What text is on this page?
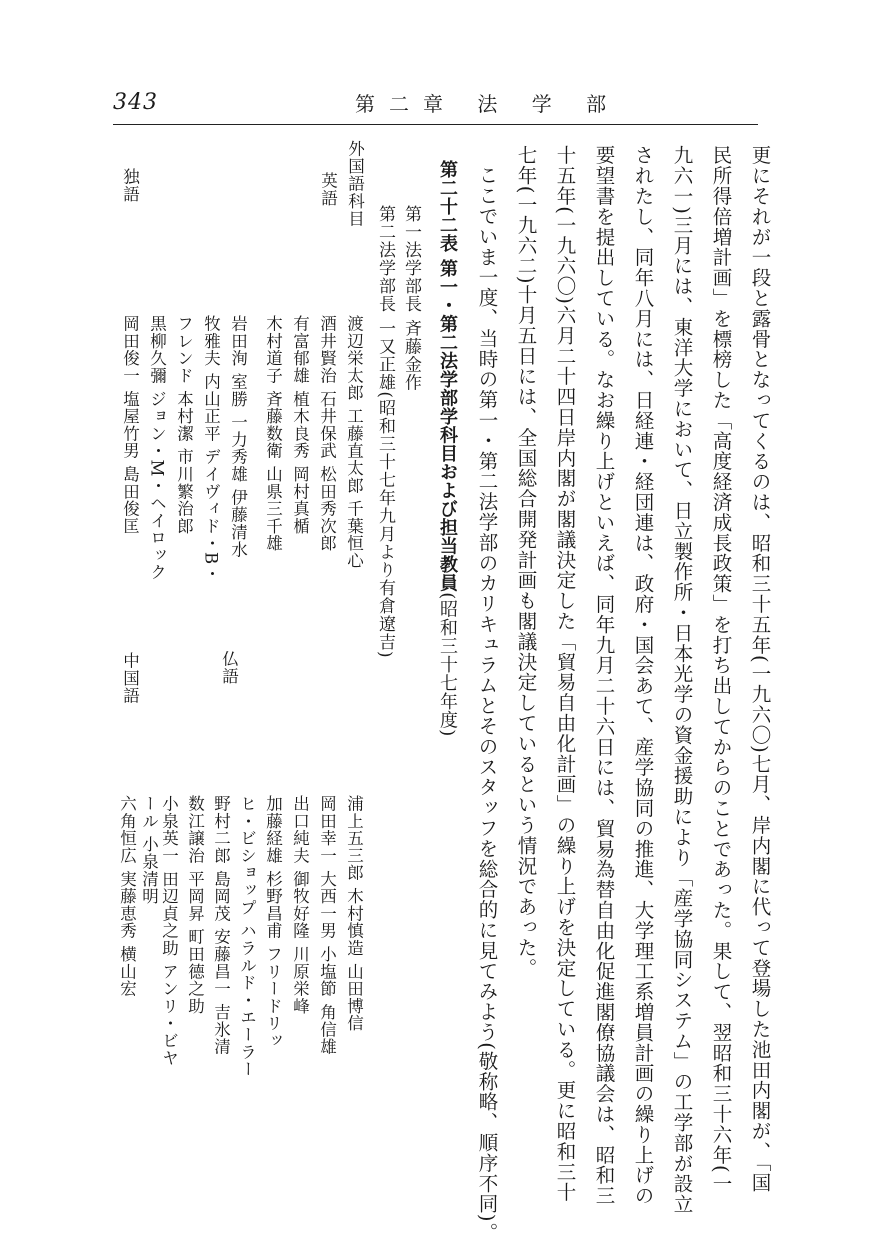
343	第二章 法 学 部
更にそれが一段と露骨となってくるのは、昭和三十五年(一九六〇)七月、岸内閣に代って登場した池田内閣が、「国
民所得倍増計画」を標榜した「高度経済成長政策」を打ち出してからのことであった。果して、翌昭和三十六年(一
九六一)三月には、東洋大学において、日立製作所・日本光学の資金援助により「産学協同システム」の工学部が設立
されたし、同年八月には、日経連・経団連は、政府・国会あて、産学協同の推進、大学理工系増員計画の繰り上げの
要望書を提出している。なお繰り上げといえば、同年九月二十六日には、貿易為替自由化促進閣僚協議会は、昭和三
十五年(一九六〇)六月二十四日岸内閣が閣議決定した「貿易自由化計画」の繰り上げを決定している。更に昭和三十
七年(一九六二)十月五日には、全国総合開発計画も閣議決定しているという情況であった。
ここでいま一度、当時の第一・第二法学部のカリキュラムとそのスタッフを総合的に見てみよう(敬称略、順序不同)。
第二十二表 第一・第二法学部学科目および担当教員(昭和三十七年度)
第一法学部長 斉藤金作
第二法学部長 一又正雄(昭和三十七年九月より有倉遼吉)
外国語科目
英語
独語
仏語
中国語
渡辺栄太郎 工藤直太郎 千葉恒心
酒井賢治 石井保武 松田秀次郎
有富郁雄 植木良秀 岡村真楯
木村道子 斉藤数衛 山県三千雄
岩田洵 室勝 一力秀雄 伊藤清水
牧雅夫 内山正平 デイヴィド・B・
フレンド 本村潔 市川繁治郎
黒柳久彌 ジョン・M・ヘイロック
岡田俊一 塩屋竹男 島田俊匡
浦上五三郎 木村慎造 山田博信
岡田幸一 大西一男 小塩節 角信雄
出口純夫 御牧好隆 川原栄峰
加藤経雄 杉野昌甫 フリードリッ
ヒ・ビショップ ハラルド・エーラー
野村二郎 島岡茂 安藤昌一 吉氷清
数江譲治 平岡昇 町田德之助
小泉英一 田辺貞之助 アンリ・ビヤ
ール 小泉清明
六角恒広 実藤恵秀 横山宏
